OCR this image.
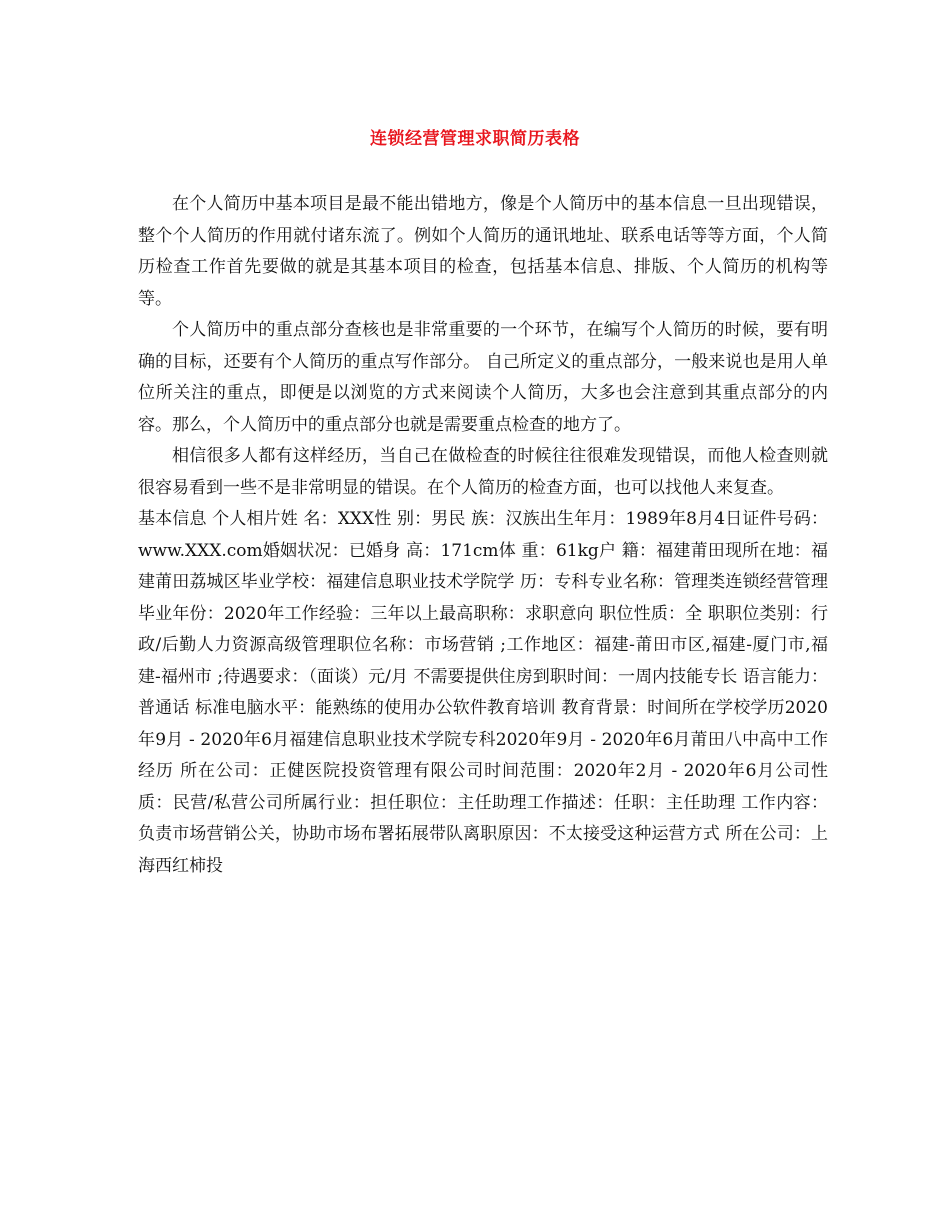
连锁经营管理求职简历表格

在个人简历中基本项目是最不能出错地方，像是个人简历中的基本信息一旦出现错误，整个个人简历的作用就付诸东流了。例如个人简历的通讯地址、联系电话等等方面，个人简历检查工作首先要做的就是其基本项目的检查，包括基本信息、排版、个人简历的机构等等。

个人简历中的重点部分查核也是非常重要的一个环节，在编写个人简历的时候，要有明确的目标，还要有个人简历的重点写作部分。 自己所定义的重点部分，一般来说也是用人单位所关注的重点，即便是以浏览的方式来阅读个人简历，大多也会注意到其重点部分的内容。那么，个人简历中的重点部分也就是需要重点检查的地方了。

相信很多人都有这样经历，当自己在做检查的时候往往很难发现错误，而他人检查则就很容易看到一些不是非常明显的错误。在个人简历的检查方面，也可以找他人来复查。

基本信息 个人相片姓 名：XXX性 别：男民 族：汉族出生年月：1989年8月4日证件号码：www.XXX.com婚姻状况：已婚身 高：171cm体 重：61kg户 籍：福建莆田现所在地：福建莆田荔城区毕业学校：福建信息职业技术学院学 历：专科专业名称：管理类连锁经营管理毕业年份：2020年工作经验：三年以上最高职称：求职意向 职位性质：全 职职位类别：行政/后勤人力资源高级管理职位名称：市场营销 ;工作地区：福建-莆田市区,福建-厦门市,福建-福州市 ;待遇要求：（面谈）元/月 不需要提供住房到职时间：一周内技能专长 语言能力：普通话 标准电脑水平：能熟练的使用办公软件教育培训 教育背景：时间所在学校学历2020年9月 - 2020年6月福建信息职业技术学院专科2020年9月 - 2020年6月莆田八中高中工作经历 所在公司：正健医院投资管理有限公司时间范围：2020年2月 - 2020年6月公司性质：民营/私营公司所属行业：担任职位：主任助理工作描述：任职：主任助理 工作内容：负责市场营销公关，协助市场布署拓展带队离职原因：不太接受这种运营方式 所在公司：上海西红柿投
